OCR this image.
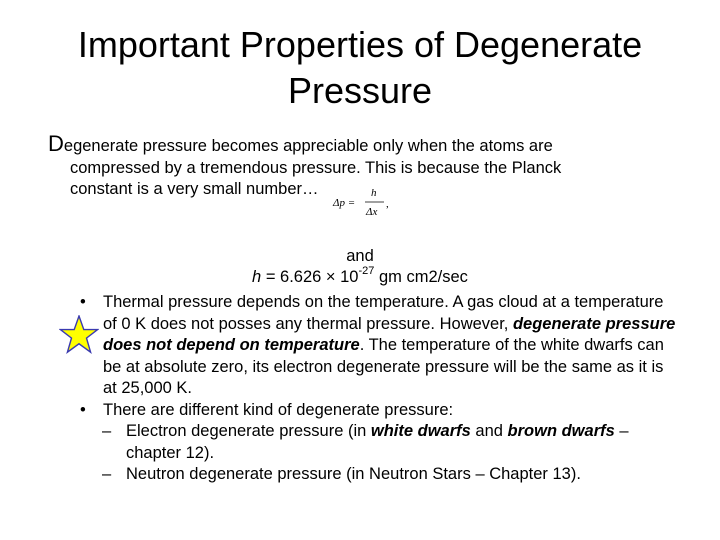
Important Properties of Degenerate
Pressure
Degenerate pressure becomes appreciable only when the atoms are
compressed by a tremendous pressure. This is because the Planck
constant is a very small number…	h
Δp =
Δx
,
and
$h = 6.626 \times 10^{-27}$ gm cm2/sec
•	Thermal pressure depends on the temperature. A gas cloud at a temperature of 0 K does not posses any thermal pressure. However, degenerate pressure does not depend on temperature. The temperature of the white dwarfs can be at absolute zero, its electron degenerate pressure will be the same as it is at 25,000 K.

•	There are different kind of degenerate pressure:

– Electron degenerate pressure (in white dwarfs and brown dwarfs – chapter 12).

– Neutron degenerate pressure (in Neutron Stars – Chapter 13).
